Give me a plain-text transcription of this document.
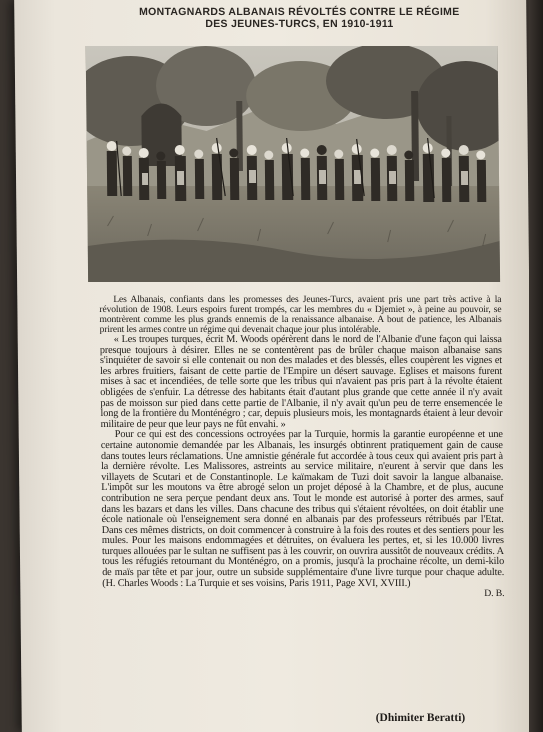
MONTAGNARDS ALBANAIS RÉVOLTÉS CONTRE LE RÉGIME
DES JEUNES-TURCS, EN 1910-1911

Les Albanais, confiants dans les promesses des Jeunes-Turcs, avaient pris une part très active à la révolution de 1908. Leurs espoirs furent trompés, car les membres du « Djemiet », à peine au pouvoir, se montrèrent comme les plus grands ennemis de la renaissance albanaise. A bout de patience, les Albanais prirent les armes contre un régime qui devenait chaque jour plus intolérable.

« Les troupes turques, écrit M. Woods opérèrent dans le nord de l'Albanie d'une façon qui laissa presque toujours à désirer. Elles ne se contentèrent pas de brûler chaque maison albanaise sans s'inquiéter de savoir si elle contenait ou non des malades et des blessés, elles coupèrent les vignes et les arbres fruitiers, faisant de cette partie de l'Empire un désert sauvage. Eglises et maisons furent mises à sac et incendiées, de telle sorte que les tribus qui n'avaient pas pris part à la révolte étaient obligées de s'enfuir. La détresse des habitants était d'autant plus grande que cette année il n'y avait pas de moisson sur pied dans cette partie de l'Albanie, il n'y avait qu'un peu de terre ensemencée le long de la frontière du Monténégro ; car, depuis plusieurs mois, les montagnards étaient à leur devoir militaire de peur que leur pays ne fût envahi. »

Pour ce qui est des concessions octroyées par la Turquie, hormis la garantie européenne et une certaine autonomie demandée par les Albanais, les insurgés obtinrent pratiquement gain de cause dans toutes leurs réclamations. Une amnistie générale fut accordée à tous ceux qui avaient pris part à la dernière révolte. Les Malissores, astreints au service militaire, n'eurent à servir que dans les villayets de Scutari et de Constantinople. Le kaïmakam de Tuzi doit savoir la langue albanaise. L'impôt sur les moutons va être abrogé selon un projet déposé à la Chambre, et de plus, aucune contribution ne sera perçue pendant deux ans. Tout le monde est autorisé à porter des armes, sauf dans les bazars et dans les villes. Dans chacune des tribus qui s'étaient révoltées, on doit établir une école nationale où l'enseignement sera donné en albanais par des professeurs rétribués par l'Etat. Dans ces mêmes districts, on doit commencer à construire à la fois des routes et des sentiers pour les mules. Pour les maisons endommagées et détruites, on évaluera les pertes, et, si les 10.000 livres turques allouées par le sultan ne suffisent pas à les couvrir, on ouvrira aussitôt de nouveaux crédits. A tous les réfugiés retournant du Monténégro, on a promis, jusqu'à la prochaine récolte, un demi-kilo de maïs par tête et par jour, outre un subside supplémentaire d'une livre turque pour chaque adulte. (H. Charles Woods : La Turquie et ses voisins, Paris 1911, Page XVI, XVIII.)

D. B.
(Dhimiter Beratti)
